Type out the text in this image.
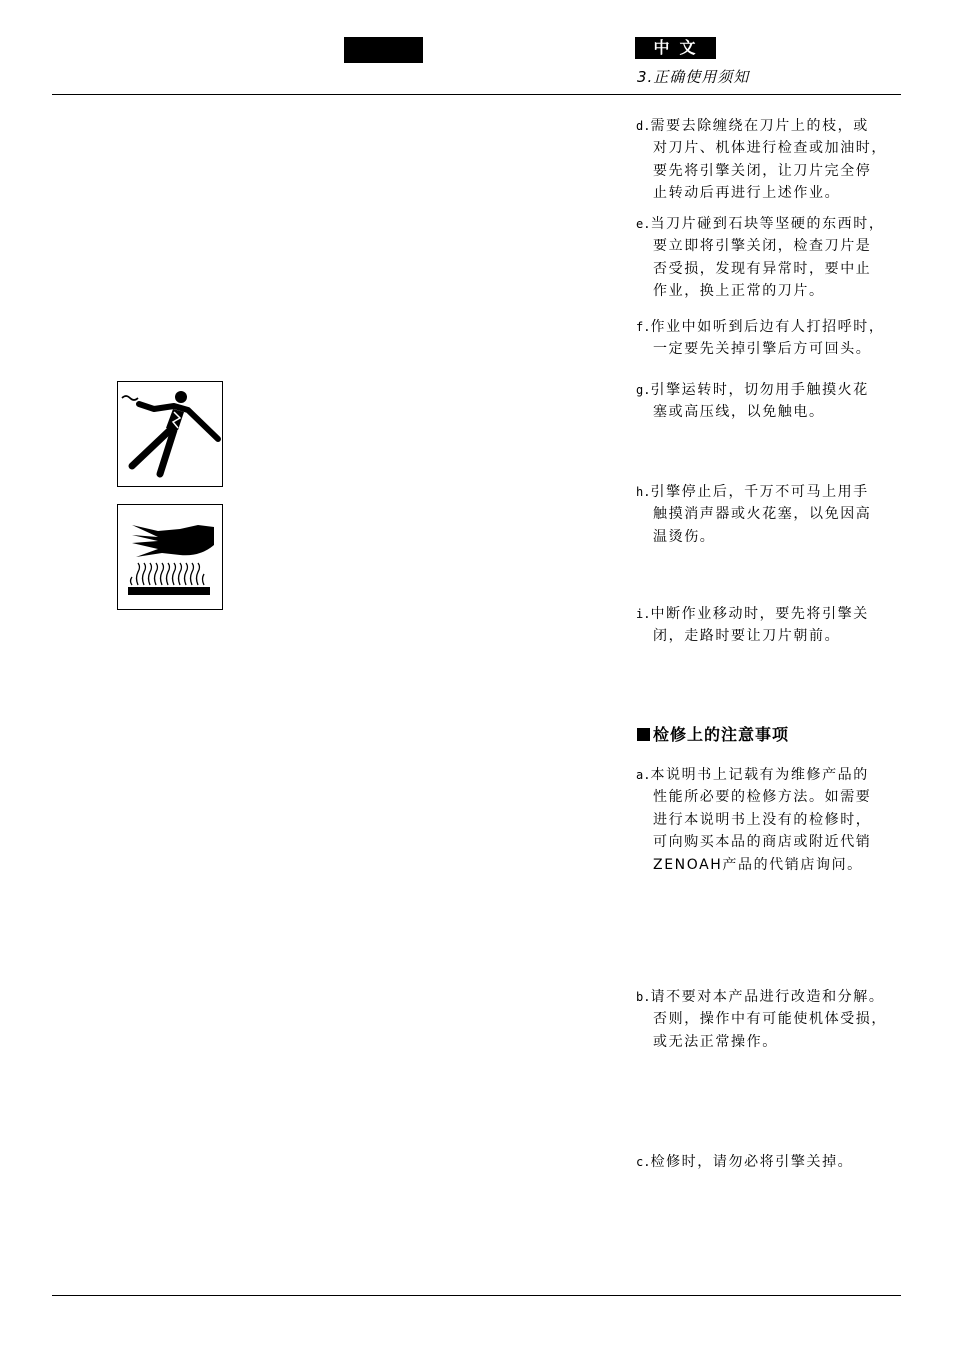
中文
3.正确使用须知
d.需要去除缠绕在刀片上的枝，或
对刀片、机体进行检查或加油时，
要先将引擎关闭，让刀片完全停
止转动后再进行上述作业。
e.当刀片碰到石块等坚硬的东西时，
要立即将引擎关闭，检查刀片是
否受损，发现有异常时，要中止
作业，换上正常的刀片。
f.作业中如听到后边有人打招呼时，
一定要先关掉引擎后方可回头。
g.引擎运转时，切勿用手触摸火花
塞或高压线，以免触电。
h.引擎停止后，千万不可马上用手
触摸消声器或火花塞，以免因高
温烫伤。
i.中断作业移动时，要先将引擎关
闭，走路时要让刀片朝前。
检修上的注意事项
a.本说明书上记载有为维修产品的
性能所必要的检修方法。如需要
进行本说明书上没有的检修时，
可向购买本品的商店或附近代销
ZENOAH产品的代销店询问。
b.请不要对本产品进行改造和分解。
否则，操作中有可能使机体受损，
或无法正常操作。
c.检修时，请勿必将引擎关掉。
